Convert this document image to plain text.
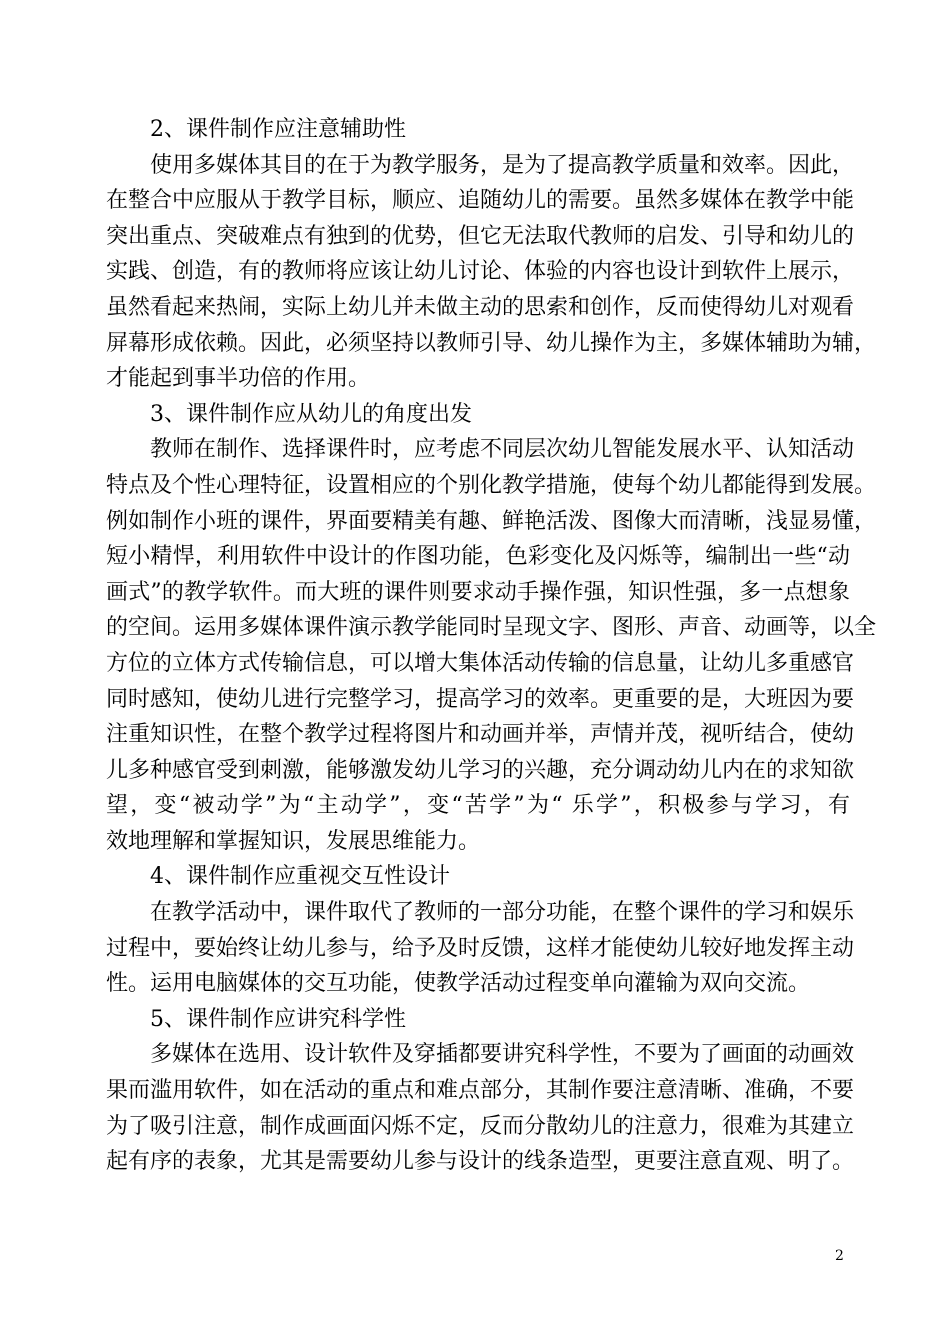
2、课件制作应注意辅助性
使用多媒体其目的在于为教学服务，是为了提高教学质量和效率。因此，
在整合中应服从于教学目标，顺应、追随幼儿的需要。虽然多媒体在教学中能
突出重点、突破难点有独到的优势，但它无法取代教师的启发、引导和幼儿的
实践、创造，有的教师将应该让幼儿讨论、体验的内容也设计到软件上展示，
虽然看起来热闹，实际上幼儿并未做主动的思索和创作，反而使得幼儿对观看
屏幕形成依赖。因此，必须坚持以教师引导、幼儿操作为主，多媒体辅助为辅，
才能起到事半功倍的作用。
3、课件制作应从幼儿的角度出发
教师在制作、选择课件时，应考虑不同层次幼儿智能发展水平、认知活动
特点及个性心理特征，设置相应的个别化教学措施，使每个幼儿都能得到发展。
例如制作小班的课件，界面要精美有趣、鲜艳活泼、图像大而清晰，浅显易懂，
短小精悍，利用软件中设计的作图功能，色彩变化及闪烁等，编制出一些“动
画式”的教学软件。而大班的课件则要求动手操作强，知识性强，多一点想象
的空间。运用多媒体课件演示教学能同时呈现文字、图形、声音、动画等，以全
方位的立体方式传输信息，可以增大集体活动传输的信息量，让幼儿多重感官
同时感知，使幼儿进行完整学习，提高学习的效率。更重要的是，大班因为要
注重知识性，在整个教学过程将图片和动画并举，声情并茂，视听结合，使幼
儿多种感官受到刺激，能够激发幼儿学习的兴趣，充分调动幼儿内在的求知欲
望，变“被动学”为“主动学”，变“苦学”为“ 乐学”，积极参与学习，有
效地理解和掌握知识，发展思维能力。
4、课件制作应重视交互性设计
在教学活动中，课件取代了教师的一部分功能，在整个课件的学习和娱乐
过程中，要始终让幼儿参与，给予及时反馈，这样才能使幼儿较好地发挥主动
性。运用电脑媒体的交互功能，使教学活动过程变单向灌输为双向交流。
5、课件制作应讲究科学性
多媒体在选用、设计软件及穿插都要讲究科学性，不要为了画面的动画效
果而滥用软件，如在活动的重点和难点部分，其制作要注意清晰、准确，不要
为了吸引注意，制作成画面闪烁不定，反而分散幼儿的注意力，很难为其建立
起有序的表象，尤其是需要幼儿参与设计的线条造型，更要注意直观、明了。
2
